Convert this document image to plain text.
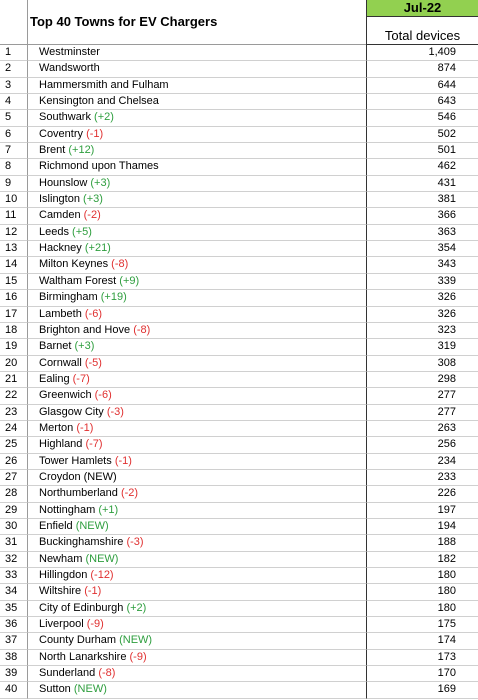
Top 40 Towns for EV Chargers
Jul-22
Total devices
1	Westminster	1,409
2	Wandsworth	874
3	Hammersmith and Fulham	644
4	Kensington and Chelsea	643
5	Southwark (+2)	546
6	Coventry (-1)	502
7	Brent (+12)	501
8	Richmond upon Thames	462
9	Hounslow (+3)	431
10	Islington (+3)	381
11	Camden (-2)	366
12	Leeds (+5)	363
13	Hackney (+21)	354
14	Milton Keynes (-8)	343
15	Waltham Forest (+9)	339
16	Birmingham (+19)	326
17	Lambeth (-6)	326
18	Brighton and Hove (-8)	323
19	Barnet (+3)	319
20	Cornwall (-5)	308
21	Ealing (-7)	298
22	Greenwich (-6)	277
23	Glasgow City (-3)	277
24	Merton (-1)	263
25	Highland (-7)	256
26	Tower Hamlets (-1)	234
27	Croydon (NEW)	233
28	Northumberland (-2)	226
29	Nottingham (+1)	197
30	Enfield (NEW)	194
31	Buckinghamshire (-3)	188
32	Newham (NEW)	182
33	Hillingdon (-12)	180
34	Wiltshire (-1)	180
35	City of Edinburgh (+2)	180
36	Liverpool (-9)	175
37	County Durham (NEW)	174
38	North Lanarkshire (-9)	173
39	Sunderland (-8)	170
40	Sutton (NEW)	169
